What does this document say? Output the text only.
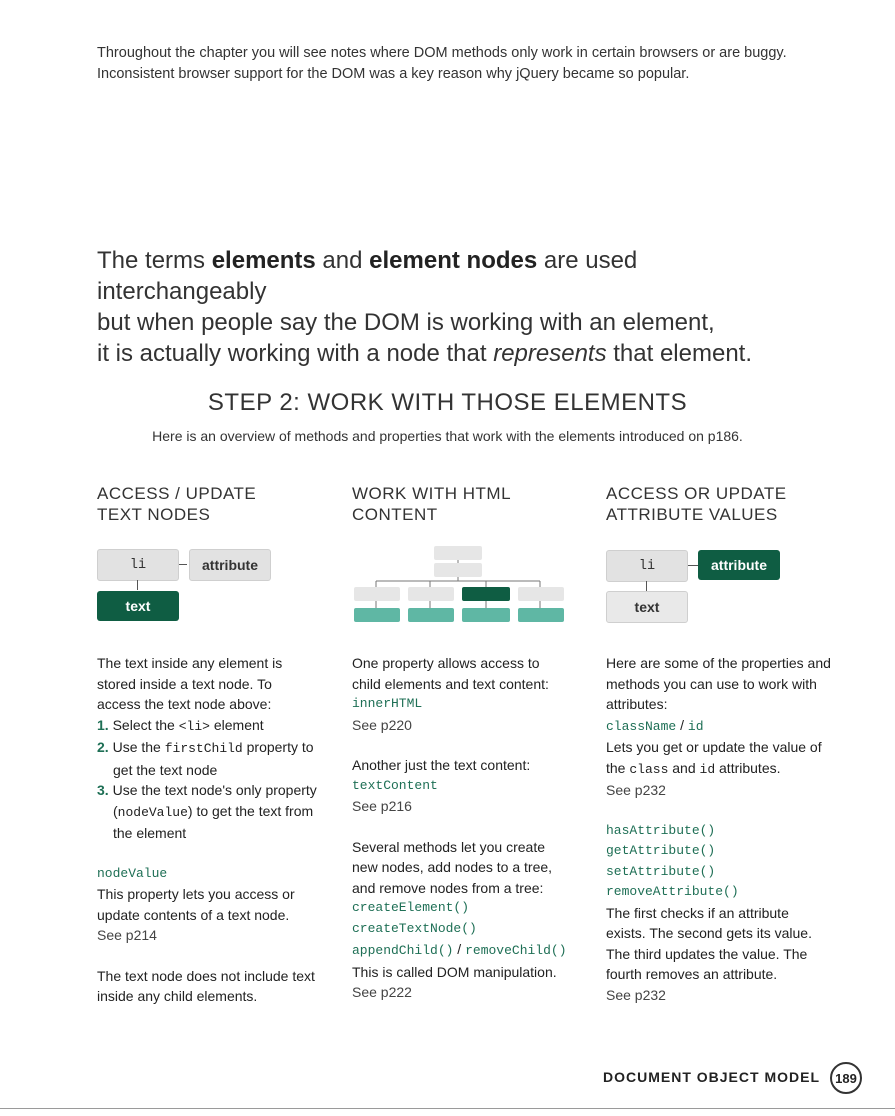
Throughout the chapter you will see notes where DOM methods only work in certain browsers or are buggy.
Inconsistent browser support for the DOM was a key reason why jQuery became so popular.
The terms elements and element nodes are used interchangeably
but when people say the DOM is working with an element,
it is actually working with a node that represents that element.
STEP 2: WORK WITH THOSE ELEMENTS
Here is an overview of methods and properties that work with the elements introduced on p186.
ACCESS / UPDATE
TEXT NODES
li	attribute
text
The text inside any element is stored inside a text node. To access the text node above:
1. Select the <li> element
2. Use the firstChild property to get the text node
3. Use the text node's only property (nodeValue) to get the text from the element
nodeValue
This property lets you access or update contents of a text node.
See p214
The text node does not include text inside any child elements.
WORK WITH HTML
CONTENT
One property allows access to child elements and text content:
innerHTML
See p220
Another just the text content:
textContent
See p216
Several methods let you create new nodes, add nodes to a tree, and remove nodes from a tree:
createElement()
createTextNode()
appendChild() / removeChild()
This is called DOM manipulation.
See p222
ACCESS OR UPDATE
ATTRIBUTE VALUES
li	attribute
text
Here are some of the properties and methods you can use to work with attributes:
className / id
Lets you get or update the value of the class and id attributes.
See p232
hasAttribute()
getAttribute()
setAttribute()
removeAttribute()
The first checks if an attribute exists. The second gets its value. The third updates the value. The fourth removes an attribute.
See p232
DOCUMENT OBJECT MODEL	189
